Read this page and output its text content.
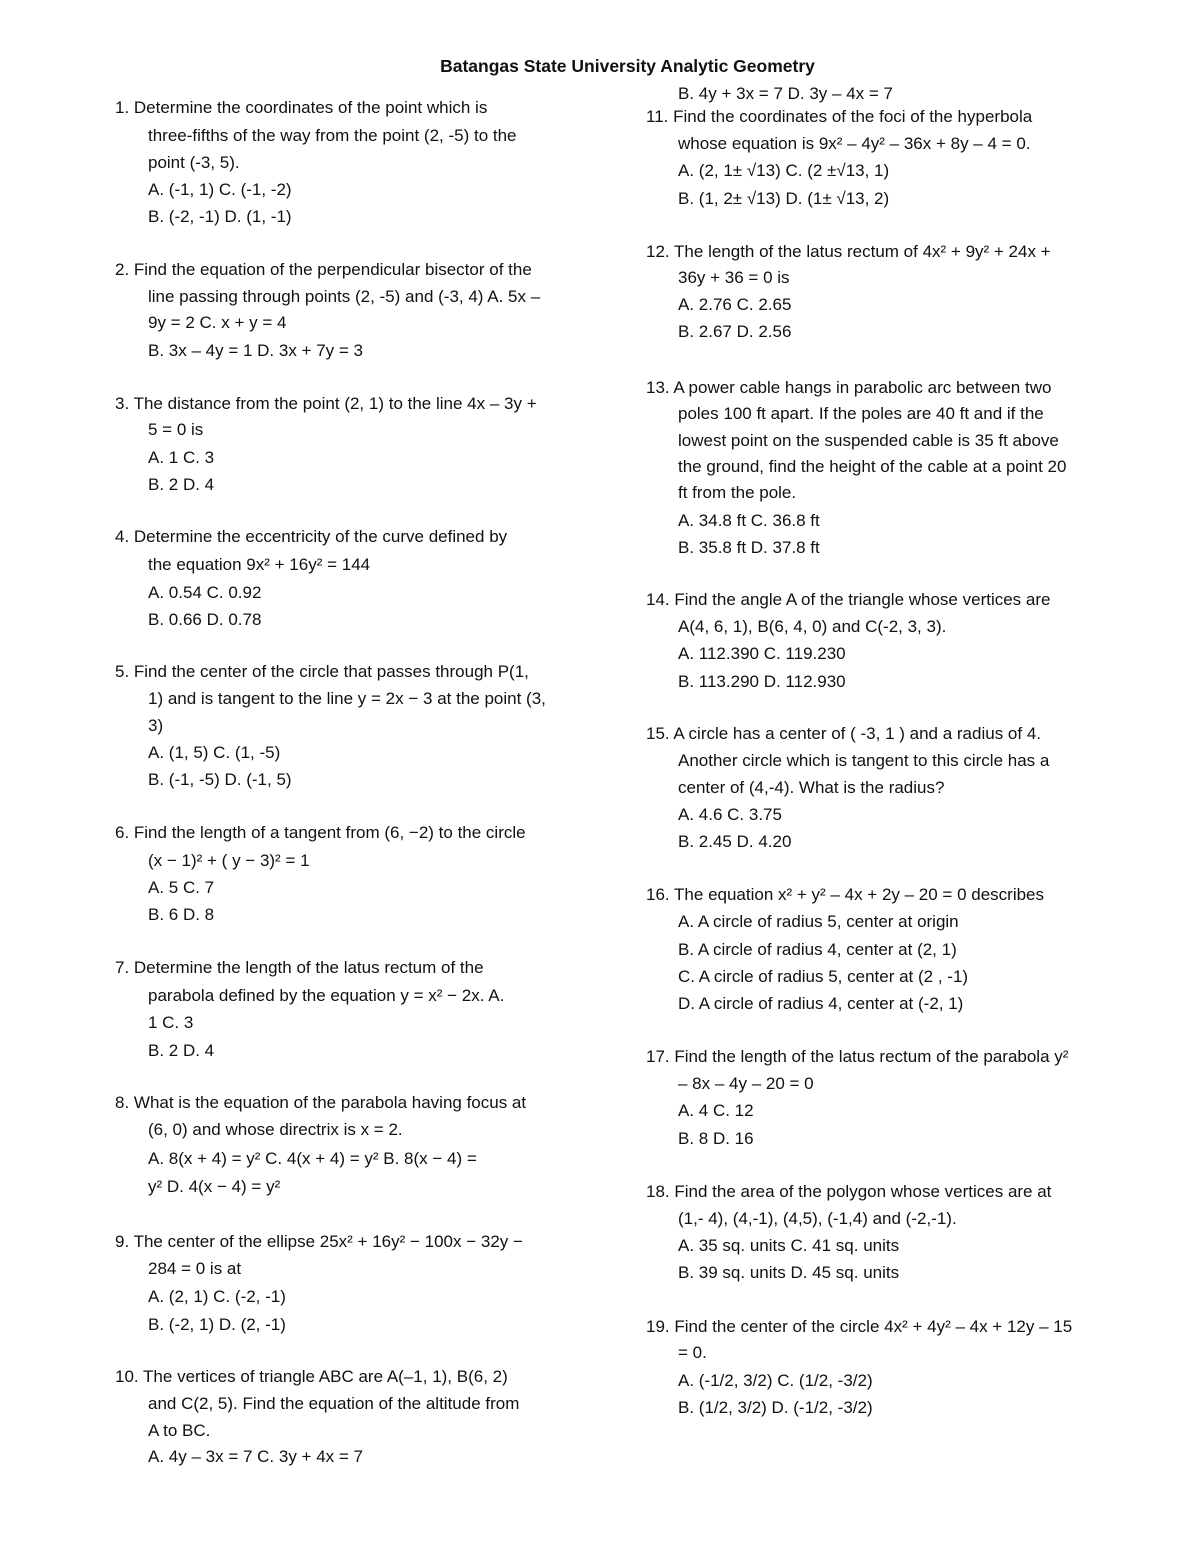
Batangas State University Analytic Geometry
1. Determine the coordinates of the point which is
three-fifths of the way from the point (2, -5) to the
point (-3, 5).
A. (-1, 1) C. (-1, -2)
B. (-2, -1) D. (1, -1)
2. Find the equation of the perpendicular bisector of the
line passing through points (2, -5) and (-3, 4) A. 5x –
9y = 2 C. x + y = 4
B. 3x – 4y = 1 D. 3x + 7y = 3
3. The distance from the point (2, 1) to the line 4x – 3y +
5 = 0 is
A. 1 C. 3
B. 2 D. 4
4. Determine the eccentricity of the curve defined by
the equation 9x² + 16y² = 144
A. 0.54 C. 0.92
B. 0.66 D. 0.78
5. Find the center of the circle that passes through P(1,
1) and is tangent to the line y = 2x − 3 at the point (3,
3)
A. (1, 5) C. (1, -5)
B. (-1, -5) D. (-1, 5)
6. Find the length of a tangent from (6, −2) to the circle
(x − 1)² + ( y − 3)² = 1
A. 5 C. 7
B. 6 D. 8
7. Determine the length of the latus rectum of the
parabola defined by the equation y = x² − 2x. A.
1 C. 3
B. 2 D. 4
8. What is the equation of the parabola having focus at
(6, 0) and whose directrix is x = 2.
A. 8(x + 4) = y² C. 4(x + 4) = y² B. 8(x − 4) =
y² D. 4(x − 4) = y²
9. The center of the ellipse 25x² + 16y² − 100x − 32y −
284 = 0 is at
A. (2, 1) C. (-2, -1)
B. (-2, 1) D. (2, -1)
10. The vertices of triangle ABC are A(–1, 1), B(6, 2)
and C(2, 5). Find the equation of the altitude from
A to BC.
A. 4y – 3x = 7 C. 3y + 4x = 7
B. 4y + 3x = 7 D. 3y – 4x = 7
11. Find the coordinates of the foci of the hyperbola
whose equation is 9x² – 4y² – 36x + 8y – 4 = 0.
A. (2, 1± √13) C. (2 ±√13, 1)
B. (1, 2± √13) D. (1± √13, 2)
12. The length of the latus rectum of 4x² + 9y² + 24x +
36y + 36 = 0 is
A. 2.76 C. 2.65
B. 2.67 D. 2.56
13. A power cable hangs in parabolic arc between two
poles 100 ft apart. If the poles are 40 ft and if the
lowest point on the suspended cable is 35 ft above
the ground, find the height of the cable at a point 20
ft from the pole.
A. 34.8 ft C. 36.8 ft
B. 35.8 ft D. 37.8 ft
14. Find the angle A of the triangle whose vertices are
A(4, 6, 1), B(6, 4, 0) and C(-2, 3, 3).
A. 112.390 C. 119.230
B. 113.290 D. 112.930
15. A circle has a center of ( -3, 1 ) and a radius of 4.
Another circle which is tangent to this circle has a
center of (4,-4). What is the radius?
A. 4.6 C. 3.75
B. 2.45 D. 4.20
16. The equation x² + y² – 4x + 2y – 20 = 0 describes
A. A circle of radius 5, center at origin
B. A circle of radius 4, center at (2, 1)
C. A circle of radius 5, center at (2 , -1)
D. A circle of radius 4, center at (-2, 1)
17. Find the length of the latus rectum of the parabola y²
– 8x – 4y – 20 = 0
A. 4 C. 12
B. 8 D. 16
18. Find the area of the polygon whose vertices are at
(1,- 4), (4,-1), (4,5), (-1,4) and (-2,-1).
A. 35 sq. units C. 41 sq. units
B. 39 sq. units D. 45 sq. units
19. Find the center of the circle 4x² + 4y² – 4x + 12y – 15
= 0.
A. (-1/2, 3/2) C. (1/2, -3/2)
B. (1/2, 3/2) D. (-1/2, -3/2)
